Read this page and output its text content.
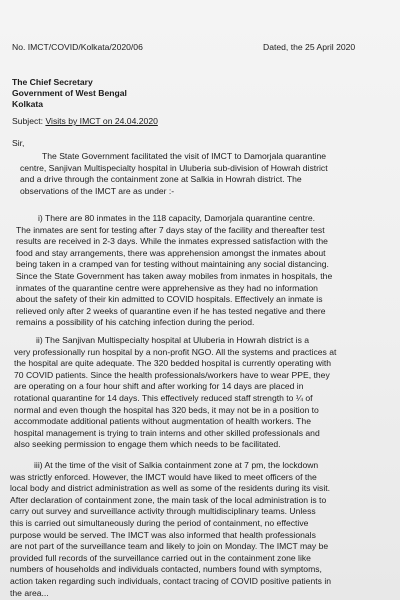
No. IMCT/COVID/Kolkata/2020/06	Dated, the 25 April 2020
The Chief Secretary
Government of West Bengal
Kolkata
Subject: Visits by IMCT on 24.04.2020
Sir,
The State Government facilitated the visit of IMCT to Damorjala quarantine
centre, Sanjivan Multispecialty hospital in Uluberia sub-division of Howrah district
and a drive through the containment zone at Salkia in Howrah district. The
observations of the IMCT are as under :-
i) There are 80 inmates in the 118 capacity, Damorjala quarantine centre.
The inmates are sent for testing after 7 days stay of the facility and thereafter test
results are received in 2-3 days. While the inmates expressed satisfaction with the
food and stay arrangements, there was apprehension amongst the inmates about
being taken in a cramped van for testing without maintaining any social distancing.
Since the State Government has taken away mobiles from inmates in hospitals, the
inmates of the quarantine centre were apprehensive as they had no information
about the safety of their kin admitted to COVID hospitals. Effectively an inmate is
relieved only after 2 weeks of quarantine even if he has tested negative and there
remains a possibility of his catching infection during the period.
ii) The Sanjivan Multispecialty hospital at Uluberia in Howrah district is a
very professionally run hospital by a non-profit NGO. All the systems and practices at
the hospital are quite adequate. The 320 bedded hospital is currently operating with
70 COVID patients. Since the health professionals/workers have to wear PPE, they
are operating on a four hour shift and after working for 14 days are placed in
rotational quarantine for 14 days. This effectively reduced staff strength to ¼ of
normal and even though the hospital has 320 beds, it may not be in a position to
accommodate additional patients without augmentation of health workers. The
hospital management is trying to train interns and other skilled professionals and
also seeking permission to engage them which needs to be facilitated.
iii) At the time of the visit of Salkia containment zone at 7 pm, the lockdown
was strictly enforced. However, the IMCT would have liked to meet officers of the
local body and district administration as well as some of the residents during its visit.
After declaration of containment zone, the main task of the local administration is to
carry out survey and surveillance activity through multidisciplinary teams. Unless
this is carried out simultaneously during the period of containment, no effective
purpose would be served. The IMCT was also informed that health professionals
are not part of the surveillance team and likely to join on Monday. The IMCT may be
provided full records of the surveillance carried out in the containment zone like
numbers of households and individuals contacted, numbers found with symptoms,
action taken regarding such individuals, contact tracing of COVID positive patients in
the area...
